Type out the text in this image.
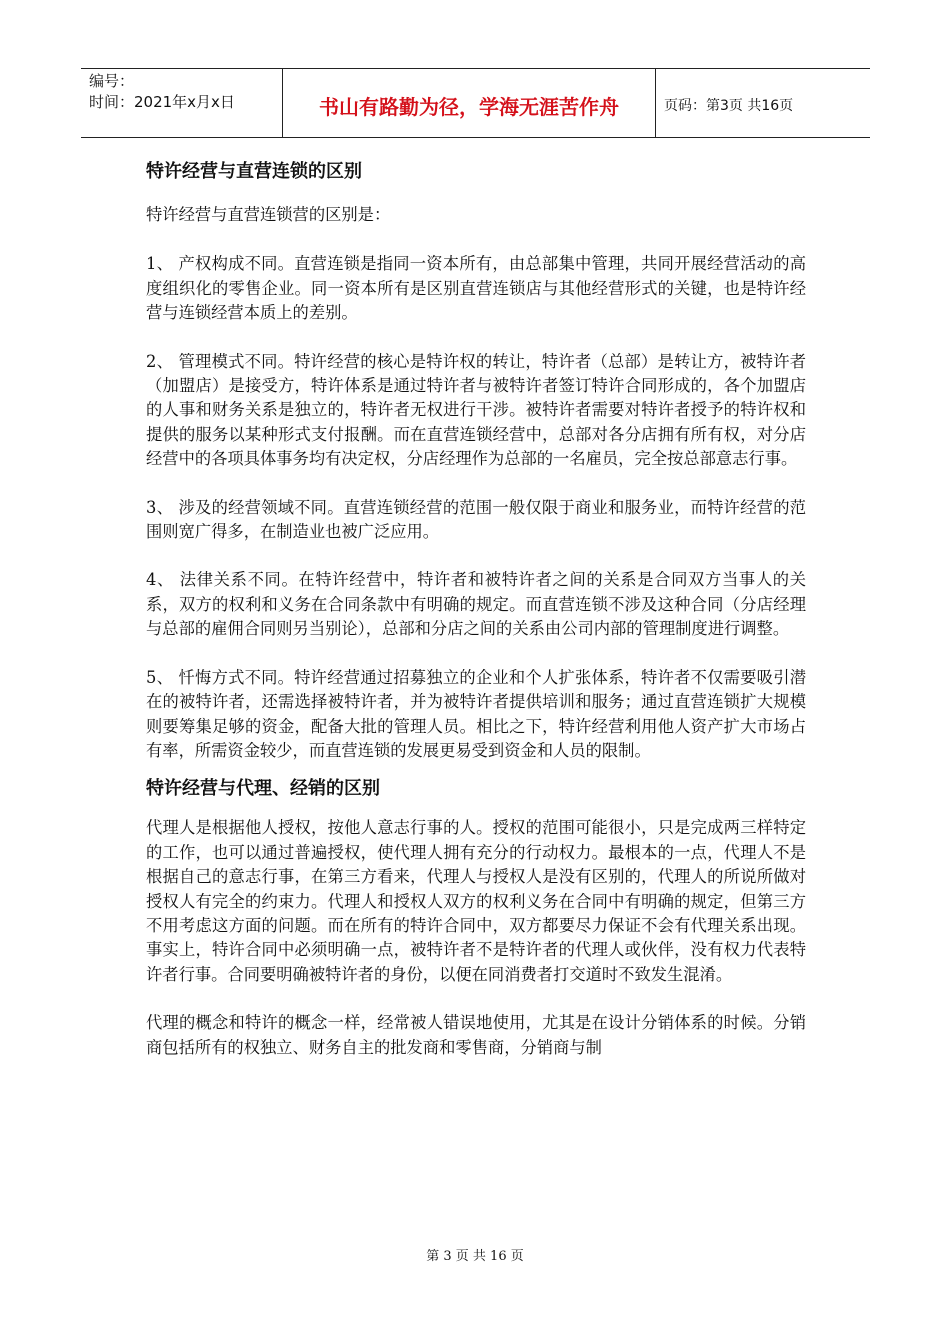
编号：
时间：2021年x月x日	书山有路勤为径，学海无涯苦作舟	页码：第3页 共16页
特许经营与直营连锁的区别

特许经营与直营连锁营的区别是：

1、 产权构成不同。直营连锁是指同一资本所有，由总部集中管理，共同开展经营活动的高度组织化的零售企业。同一资本所有是区别直营连锁店与其他经营形式的关键，也是特许经营与连锁经营本质上的差别。

2、 管理模式不同。特许经营的核心是特许权的转让，特许者（总部）是转让方，被特许者（加盟店）是接受方，特许体系是通过特许者与被特许者签订特许合同形成的，各个加盟店的人事和财务关系是独立的，特许者无权进行干涉。被特许者需要对特许者授予的特许权和提供的服务以某种形式支付报酬。而在直营连锁经营中，总部对各分店拥有所有权，对分店经营中的各项具体事务均有决定权，分店经理作为总部的一名雇员，完全按总部意志行事。

3、 涉及的经营领域不同。直营连锁经营的范围一般仅限于商业和服务业，而特许经营的范围则宽广得多，在制造业也被广泛应用。

4、 法律关系不同。在特许经营中，特许者和被特许者之间的关系是合同双方当事人的关系，双方的权利和义务在合同条款中有明确的规定。而直营连锁不涉及这种合同（分店经理与总部的雇佣合同则另当别论），总部和分店之间的关系由公司内部的管理制度进行调整。

5、 忏悔方式不同。特许经营通过招募独立的企业和个人扩张体系，特许者不仅需要吸引潜在的被特许者，还需选择被特许者，并为被特许者提供培训和服务；通过直营连锁扩大规模则要筹集足够的资金，配备大批的管理人员。相比之下，特许经营利用他人资产扩大市场占有率，所需资金较少，而直营连锁的发展更易受到资金和人员的限制。

特许经营与代理、经销的区别

代理人是根据他人授权，按他人意志行事的人。授权的范围可能很小，只是完成两三样特定的工作，也可以通过普遍授权，使代理人拥有充分的行动权力。最根本的一点，代理人不是根据自己的意志行事，在第三方看来，代理人与授权人是没有区别的，代理人的所说所做对授权人有完全的约束力。代理人和授权人双方的权利义务在合同中有明确的规定，但第三方不用考虑这方面的问题。而在所有的特许合同中，双方都要尽力保证不会有代理关系出现。事实上，特许合同中必须明确一点，被特许者不是特许者的代理人或伙伴，没有权力代表特许者行事。合同要明确被特许者的身份，以便在同消费者打交道时不致发生混淆。

代理的概念和特许的概念一样，经常被人错误地使用，尤其是在设计分销体系的时候。分销商包括所有的权独立、财务自主的批发商和零售商，分销商与制

第 3 页 共 16 页
